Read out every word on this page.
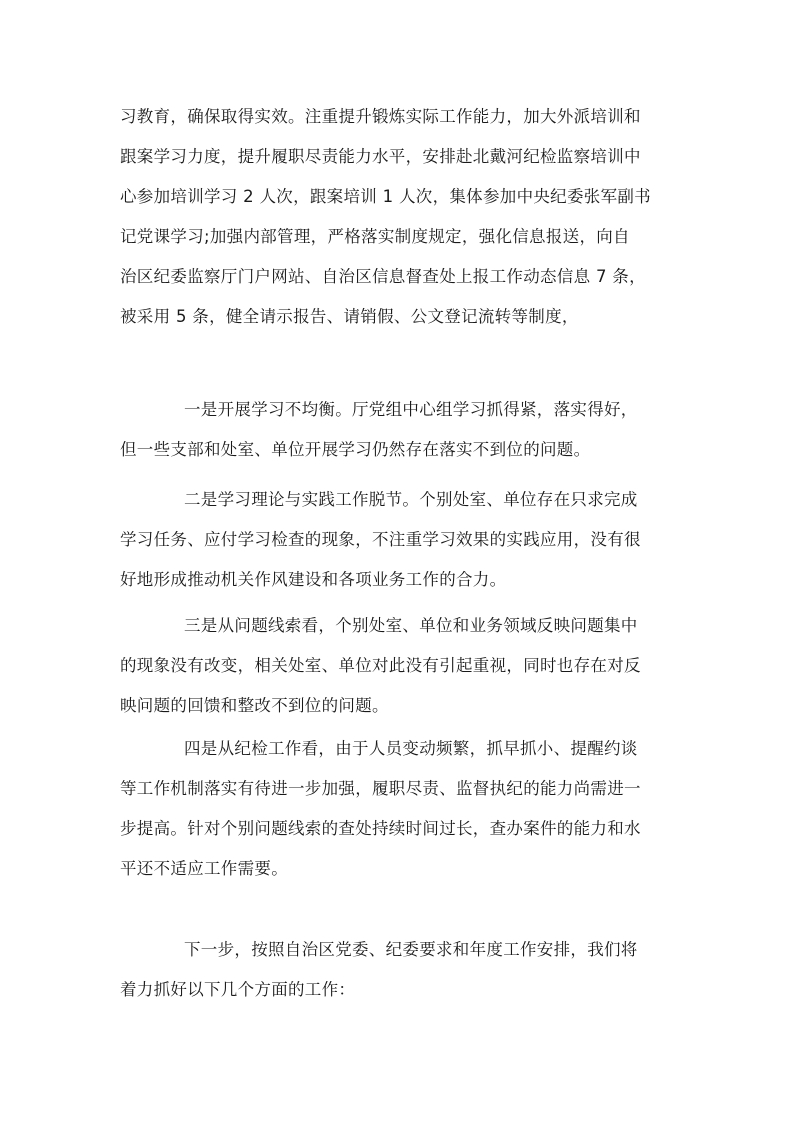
习教育，确保取得实效。注重提升锻炼实际工作能力，加大外派培训和
跟案学习力度，提升履职尽责能力水平，安排赴北戴河纪检监察培训中
心参加培训学习 2 人次，跟案培训 1 人次，集体参加中央纪委张军副书
记党课学习;加强内部管理，严格落实制度规定，强化信息报送，向自
治区纪委监察厅门户网站、自治区信息督查处上报工作动态信息 7 条，
被采用 5 条，健全请示报告、请销假、公文登记流转等制度，
一是开展学习不均衡。厅党组中心组学习抓得紧，落实得好，
但一些支部和处室、单位开展学习仍然存在落实不到位的问题。
二是学习理论与实践工作脱节。个别处室、单位存在只求完成
学习任务、应付学习检查的现象，不注重学习效果的实践应用，没有很
好地形成推动机关作风建设和各项业务工作的合力。
三是从问题线索看，个别处室、单位和业务领域反映问题集中
的现象没有改变，相关处室、单位对此没有引起重视，同时也存在对反
映问题的回馈和整改不到位的问题。
四是从纪检工作看，由于人员变动频繁，抓早抓小、提醒约谈
等工作机制落实有待进一步加强，履职尽责、监督执纪的能力尚需进一
步提高。针对个别问题线索的查处持续时间过长，查办案件的能力和水
平还不适应工作需要。
下一步，按照自治区党委、纪委要求和年度工作安排，我们将
着力抓好以下几个方面的工作：
